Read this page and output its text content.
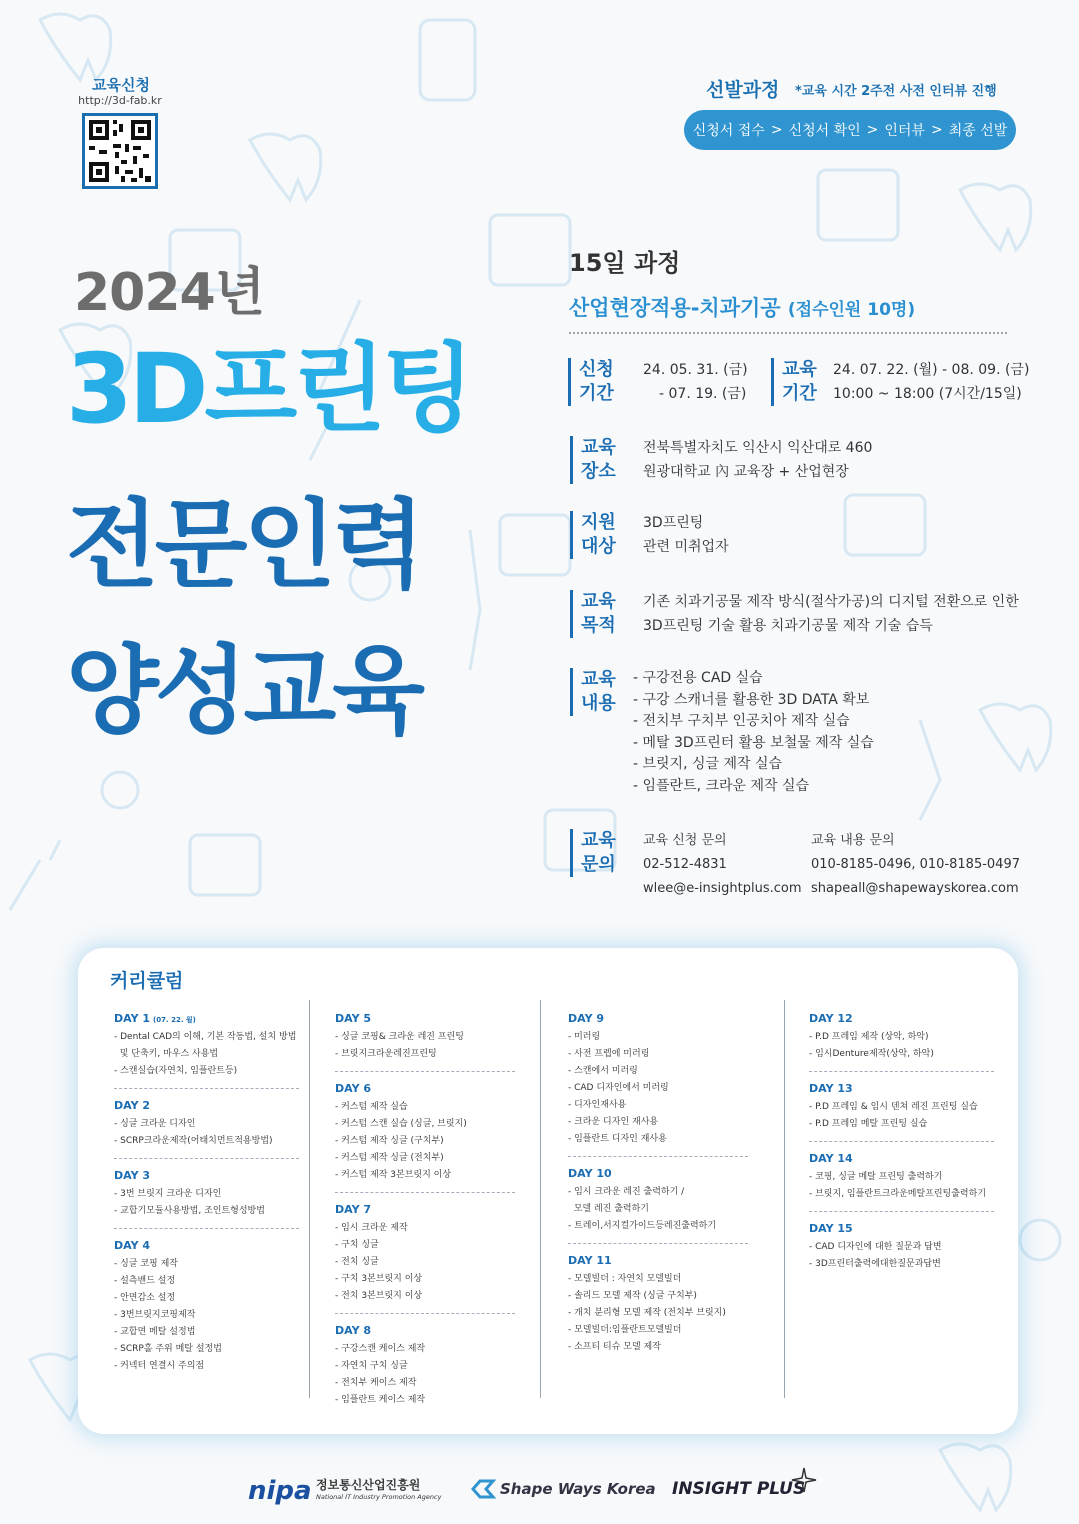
교육신청
http://3d-fab.kr	선발과정 *교육 시간 2주전 사전 인터뷰 진행
신청서 접수 > 신청서 확인 > 인터뷰 > 최종 선발
2024년
3D프린팅
전문인력
양성교육
15일 과정
산업현장적용-치과기공 (접수인원 10명)
신청
기간
24. 05. 31. (금)
- 07. 19. (금)
교육
기간
24. 07. 22. (월) - 08. 09. (금)
10:00 ~ 18:00 (7시간/15일)
교육
장소
전북특별자치도 익산시 익산대로 460
원광대학교 內 교육장 + 산업현장
지원
대상
3D프린팅
관련 미취업자
교육
목적
기존 치과기공물 제작 방식(절삭가공)의 디지털 전환으로 인한
3D프린팅 기술 활용 치과기공물 제작 기술 습득
교육
내용
- 구강전용 CAD 실습
- 구강 스캐너를 활용한 3D DATA 확보
- 전치부 구치부 인공치아 제작 실습
- 메탈 3D프린터 활용 보철물 제작 실습
- 브릿지, 싱글 제작 실습
- 임플란트, 크라운 제작 실습
교육
문의
교육 신청 문의
02-512-4831
wlee@e-insightplus.com
교육 내용 문의
010-8185-0496, 010-8185-0497
shapeall@shapewayskorea.com
커리큘럼
DAY 1 (07. 22. 월)
- Dental CAD의 이해, 기본 작동법, 설치 방법
및 단축키, 마우스 사용법
- 스캔실습(자연치, 임플란트등)
DAY 2
- 싱글 크라운 디자인
- SCRP크라운제작(어태치먼트적용방법)
DAY 3
- 3번 브릿지 크라운 디자인
- 교합기모듈사용방법, 조인트형성방법
DAY 4
- 싱글 코핑 제작
- 설측밴드 설정
- 안면감소 설정
- 3번브릿지코핑제작
- 교합면 메탈 설정법
- SCRP홀 주위 메탈 설정법
- 커넥터 연결시 주의점
DAY 5
- 싱글 코핑& 크라운 레진 프린팅
- 브릿지크라운레진프린팅
DAY 6
- 커스텀 제작 실습
- 커스텀 스캔 실습 (싱글, 브릿지)
- 커스텀 제작 싱글 (구치부)
- 커스텀 제작 싱글 (전치부)
- 커스텀 제작 3본브릿지 이상
DAY 7
- 임시 크라운 제작
- 구치 싱글
- 전치 싱글
- 구치 3본브릿지 이상
- 전치 3본브릿지 이상
DAY 8
- 구강스캔 케이스 제작
- 자연치 구치 싱글
- 전치부 케이스 제작
- 임플란트 케이스 제작
DAY 9
- 미러링
- 사전 프렙에 미러링
- 스캔에서 미러링
- CAD 디자인에서 미러링
- 디자인재사용
- 크라운 디자인 재사용
- 임플란트 디자인 재사용
DAY 10
- 임시 크라운 레진 출력하기 /
모델 레진 출력하기
- 트레이,서지컬가이드등레진출력하기
DAY 11
- 모델빌더 : 자연치 모델빌더
- 솔리드 모델 제작 (싱글 구치부)
- 개치 분리형 모델 제작 (전치부 브릿지)
- 모델빌더:임플란트모델빌더
- 소프티 티슈 모델 제작
DAY 12
- P.D 프레임 제작 (상악, 하악)
- 임시Denture제작(상악, 하악)
DAY 13
- P.D 프레임 & 임시 덴쳐 레진 프린팅 실습
- P.D 프레임 메탈 프린팅 실습
DAY 14
- 코핑, 싱글 메탈 프린팅 출력하기
- 브릿지, 임플란트크라운메탈프린팅출력하기
DAY 15
- CAD 디자인에 대한 질문과 답변
- 3D프린터출력에대한질문과답변
nipa 정보통신산업진흥원
National IT Industry Promotion Agency	Shape Ways Korea INSIGHT PLUS
